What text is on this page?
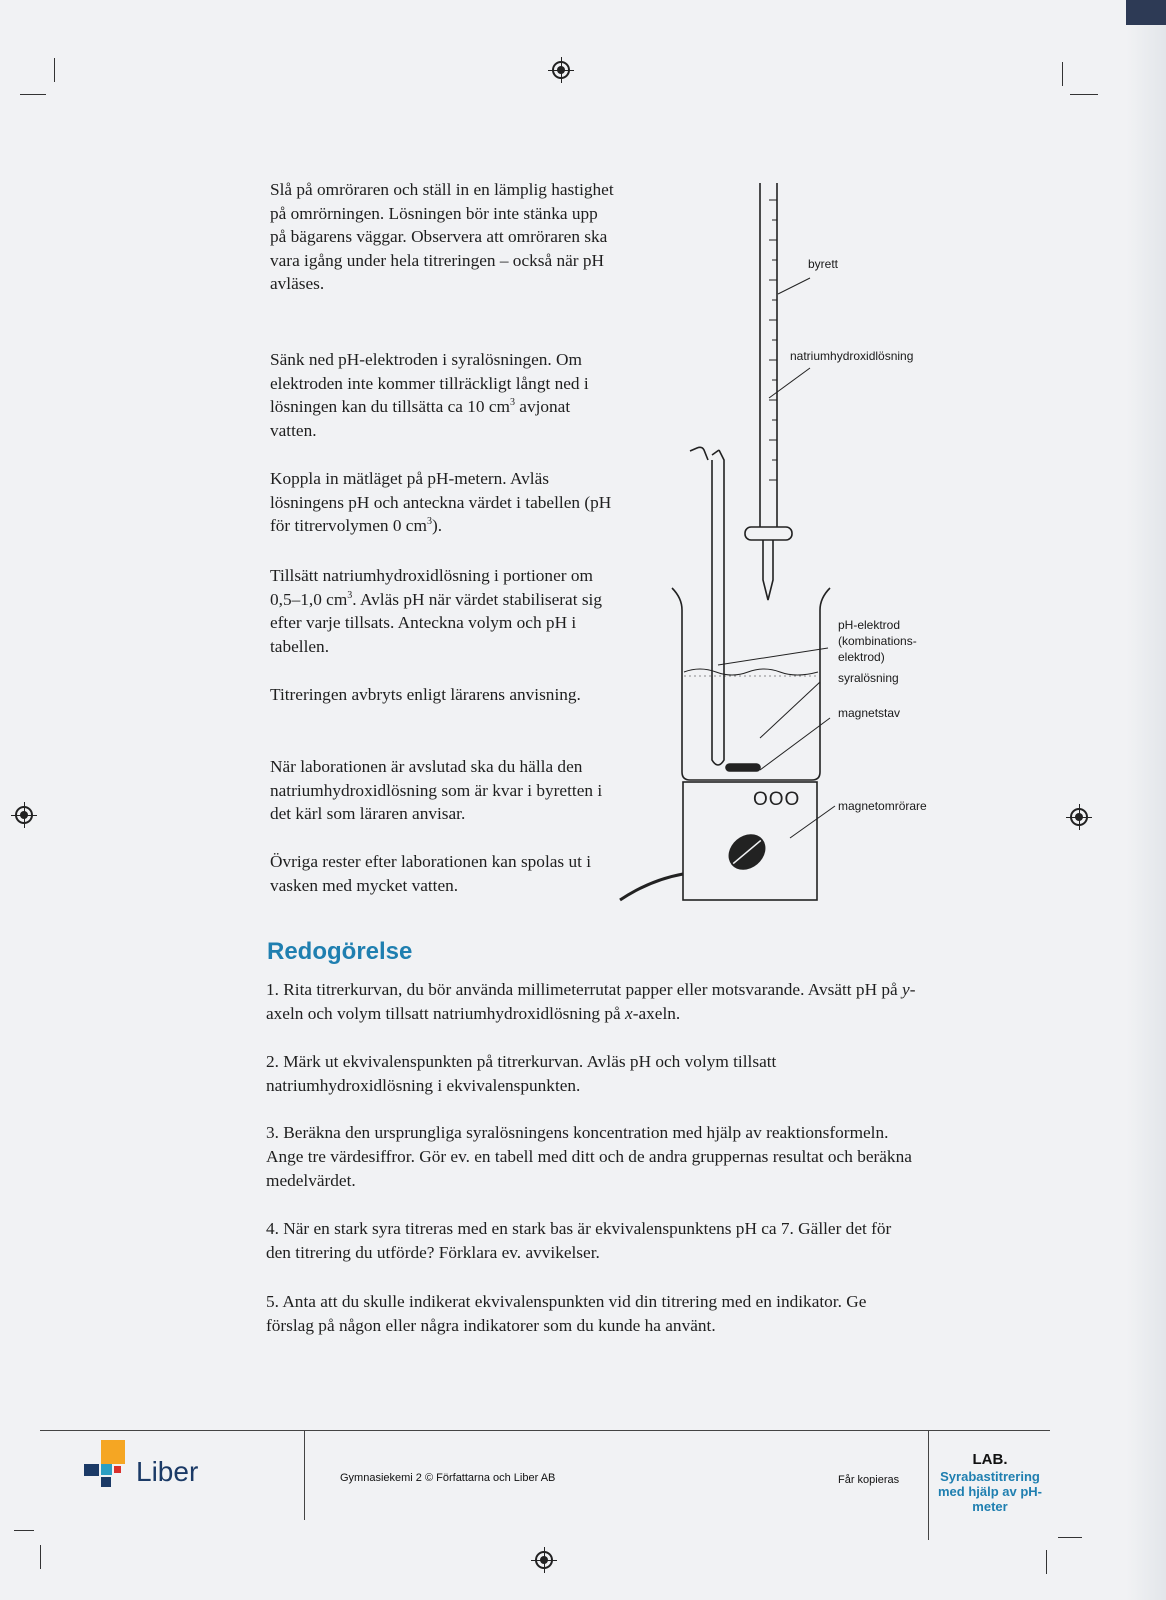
Slå på omröraren och ställ in en lämplig hastighet på omrörningen. Lösningen bör inte stänka upp på bägarens väggar. Observera att omröraren ska vara igång under hela titreringen – också när pH avläses.

Sänk ned pH-elektroden i syralösningen. Om elektroden inte kommer tillräckligt långt ned i lösningen kan du tillsätta ca 10 $cm^3$ avjonat vatten.

Koppla in mätläget på pH-metern. Avläs lösningens pH och anteckna värdet i tabellen (pH för titrervolymen 0 $cm^3$).

Tillsätt natriumhydroxidlösning i portioner om 0,5–1,0 $cm^3$. Avläs pH när värdet stabiliserat sig efter varje tillsats. Anteckna volym och pH i tabellen.

Titreringen avbryts enligt lärarens anvisning.

När laborationen är avslutad ska du hälla den natriumhydroxidlösning som är kvar i byretten i det kärl som läraren anvisar.

Övriga rester efter laborationen kan spolas ut i vasken med mycket vatten.

OOO
byrett
natriumhydroxidlösning
pH-elektrod
(kombinations-
elektrod)
syralösning
magnetstav
magnetomrörare
Redogörelse

1. Rita titrerkurvan, du bör använda millimeterrutat papper eller motsvarande. Avsätt pH på y-axeln och volym tillsatt natriumhydroxidlösning på x-axeln.

2. Märk ut ekvivalenspunkten på titrerkurvan. Avläs pH och volym tillsatt natriumhydroxidlösning i ekvivalenspunkten.

3. Beräkna den ursprungliga syralösningens koncentration med hjälp av reaktionsformeln. Ange tre värdesiffror. Gör ev. en tabell med ditt och de andra gruppernas resultat och beräkna medelvärdet.

4. När en stark syra titreras med en stark bas är ekvivalenspunktens pH ca 7. Gäller det för den titrering du utförde? Förklara ev. avvikelser.

5. Anta att du skulle indikerat ekvivalenspunkten vid din titrering med en indikator. Ge förslag på någon eller några indikatorer som du kunde ha använt.

Liber	Gymnasiekemi 2 © Författarna och Liber AB	Får kopieras
LAB.
Syrabastitrering med hjälp av pH-meter
